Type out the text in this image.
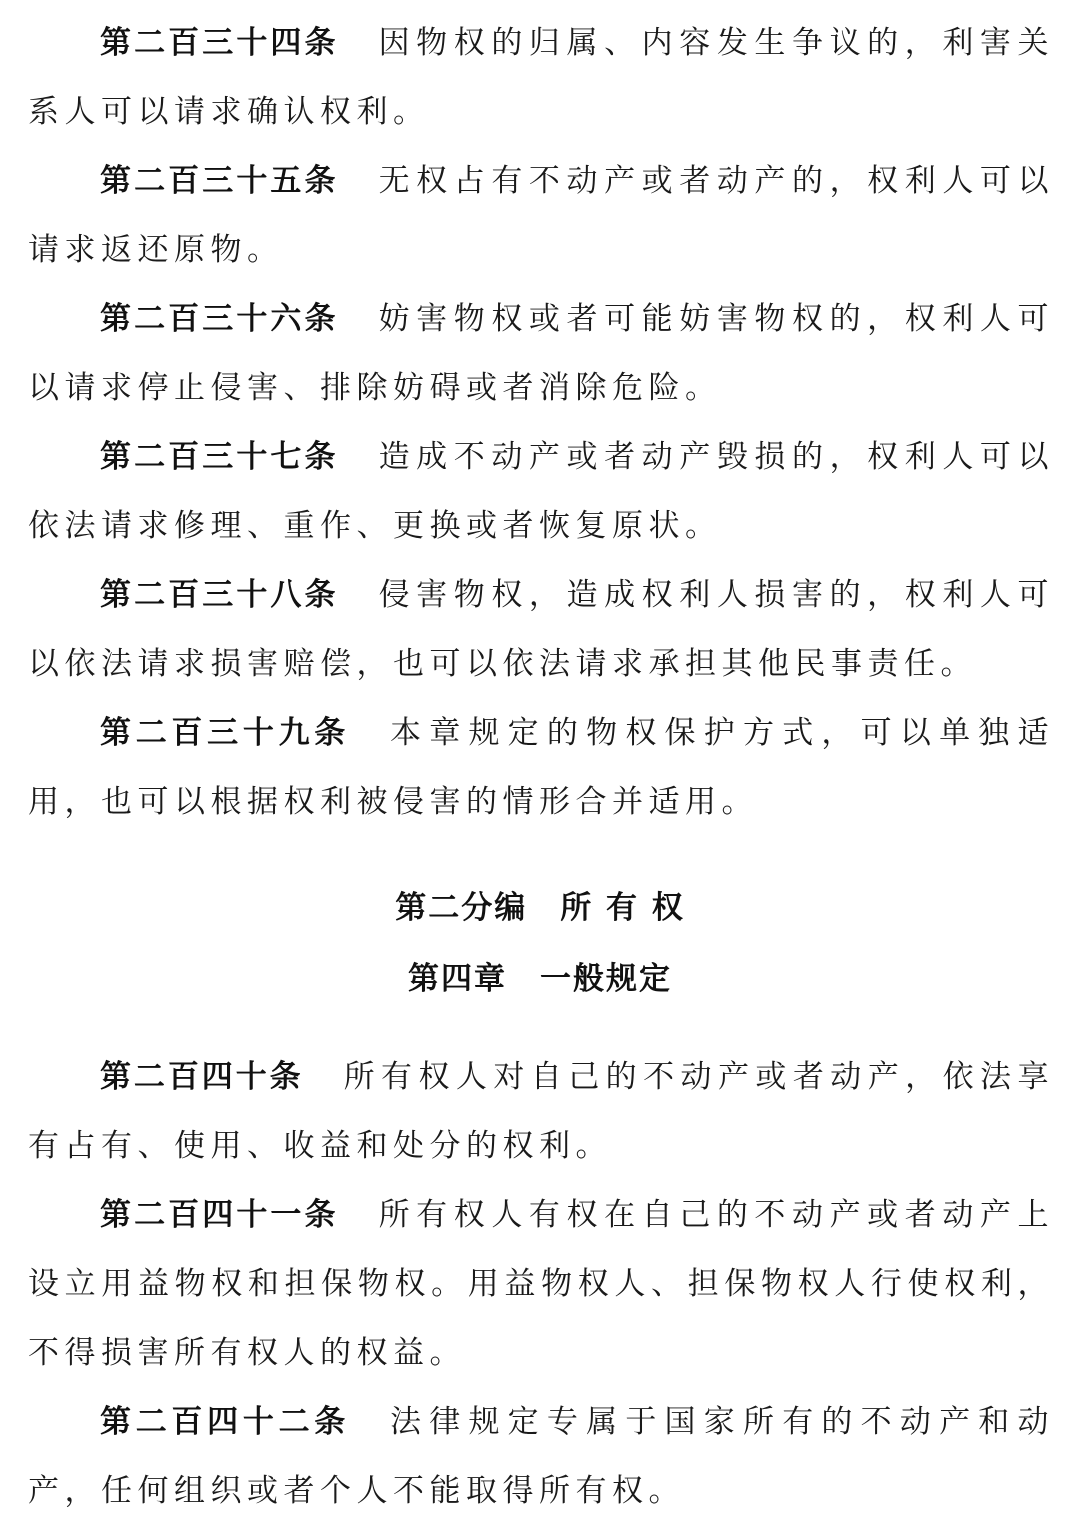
第二百三十四条 因物权的归属、内容发生争议的，利害关系人可以请求确认权利。

第二百三十五条 无权占有不动产或者动产的，权利人可以请求返还原物。

第二百三十六条 妨害物权或者可能妨害物权的，权利人可以请求停止侵害、排除妨碍或者消除危险。

第二百三十七条 造成不动产或者动产毁损的，权利人可以依法请求修理、重作、更换或者恢复原状。

第二百三十八条 侵害物权，造成权利人损害的，权利人可以依法请求损害赔偿，也可以依法请求承担其他民事责任。

第二百三十九条 本章规定的物权保护方式，可以单独适用，也可以根据权利被侵害的情形合并适用。

第二百四十条 所有权人对自己的不动产或者动产，依法享有占有、使用、收益和处分的权利。

第二百四十一条 所有权人有权在自己的不动产或者动产上设立用益物权和担保物权。用益物权人、担保物权人行使权利，不得损害所有权人的权益。

第二百四十二条 法律规定专属于国家所有的不动产和动产，任何组织或者个人不能取得所有权。

第二分编　所 有 权
第四章　一般规定
